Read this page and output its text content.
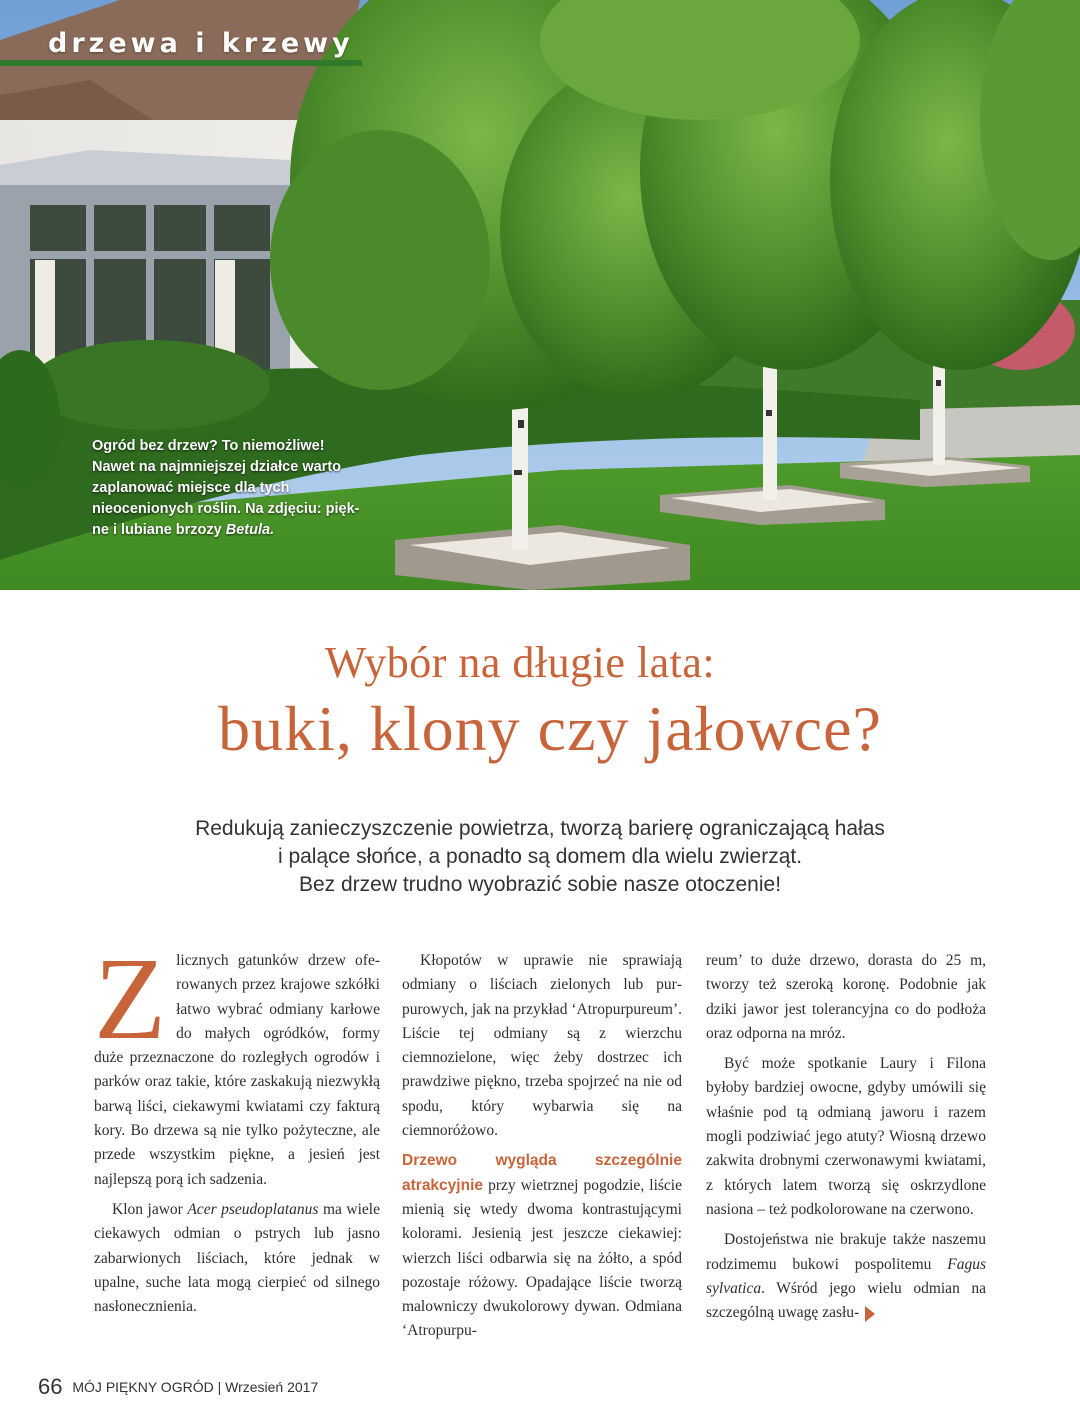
drzewa i krzewy
Ogród bez drzew? To niemożliwe! Nawet na najmniejszej działce warto zaplanować miejsce dla tych nieocenionych roślin. Na zdjęciu: piękne i lubiane brzozy Betula.
Wybór na długie lata:
buki, klony czy jałowce?
Redukują zanieczyszczenie powietrza, tworzą barierę ograniczającą hałas
i palące słońce, a ponadto są domem dla wielu zwierząt.
Bez drzew trudno wyobrazić sobie nasze otoczenie!

Zlicznych gatunków drzew oferowanych przez krajowe szkółki łatwo wybrać odmiany karłowe do małych ogródków, formy duże przeznaczone do rozległych ogrodów i parków oraz takie, które zaskakują niezwykłą barwą liści, ciekawymi kwiatami czy fakturą kory. Bo drzewa są nie tylko pożyteczne, ale przede wszystkim piękne, a jesień jest najlepszą porą ich sadzenia.

Klon jawor Acer pseudoplatanus ma wiele ciekawych odmian o pstrych lub jasno zabarwionych liściach, które jednak w upalne, suche lata mogą cierpieć od silnego nasłonecznienia.

Kłopotów w uprawie nie sprawiają odmiany o liściach zielonych lub purpurowych, jak na przykład ‘Atropurpureum’. Liście tej odmiany są z wierzchu ciemnozielone, więc żeby dostrzec ich prawdziwe piękno, trzeba spojrzeć na nie od spodu, który wybarwia się na ciemnoróżowo.

Drzewo wygląda szczególnie atrakcyjnie przy wietrznej pogodzie, liście mienią się wtedy dwoma kontrastującymi kolorami. Jesienią jest jeszcze ciekawiej: wierzch liści odbarwia się na żółto, a spód pozostaje różowy. Opadające liście tworzą malowniczy dwukolorowy dywan. Odmiana ‘Atropurpu-

reum’ to duże drzewo, dorasta do 25 m, tworzy też szeroką koronę. Podobnie jak dziki jawor jest tolerancyjna co do podłoża oraz odporna na mróz.

Być może spotkanie Laury i Filona byłoby bardziej owocne, gdyby umówili się właśnie pod tą odmianą jaworu i razem mogli podziwiać jego atuty? Wiosną drzewo zakwita drobnymi czerwonawymi kwiatami, z których latem tworzą się oskrzydlone nasiona – też podkolorowane na czerwono.

Dostojeństwa nie brakuje także naszemu rodzimemu bukowi pospolitemu Fagus sylvatica. Wśród jego wielu odmian na szczególną uwagę zasłu-

66 MÓJ PIĘKNY OGRÓD | Wrzesień 2017
